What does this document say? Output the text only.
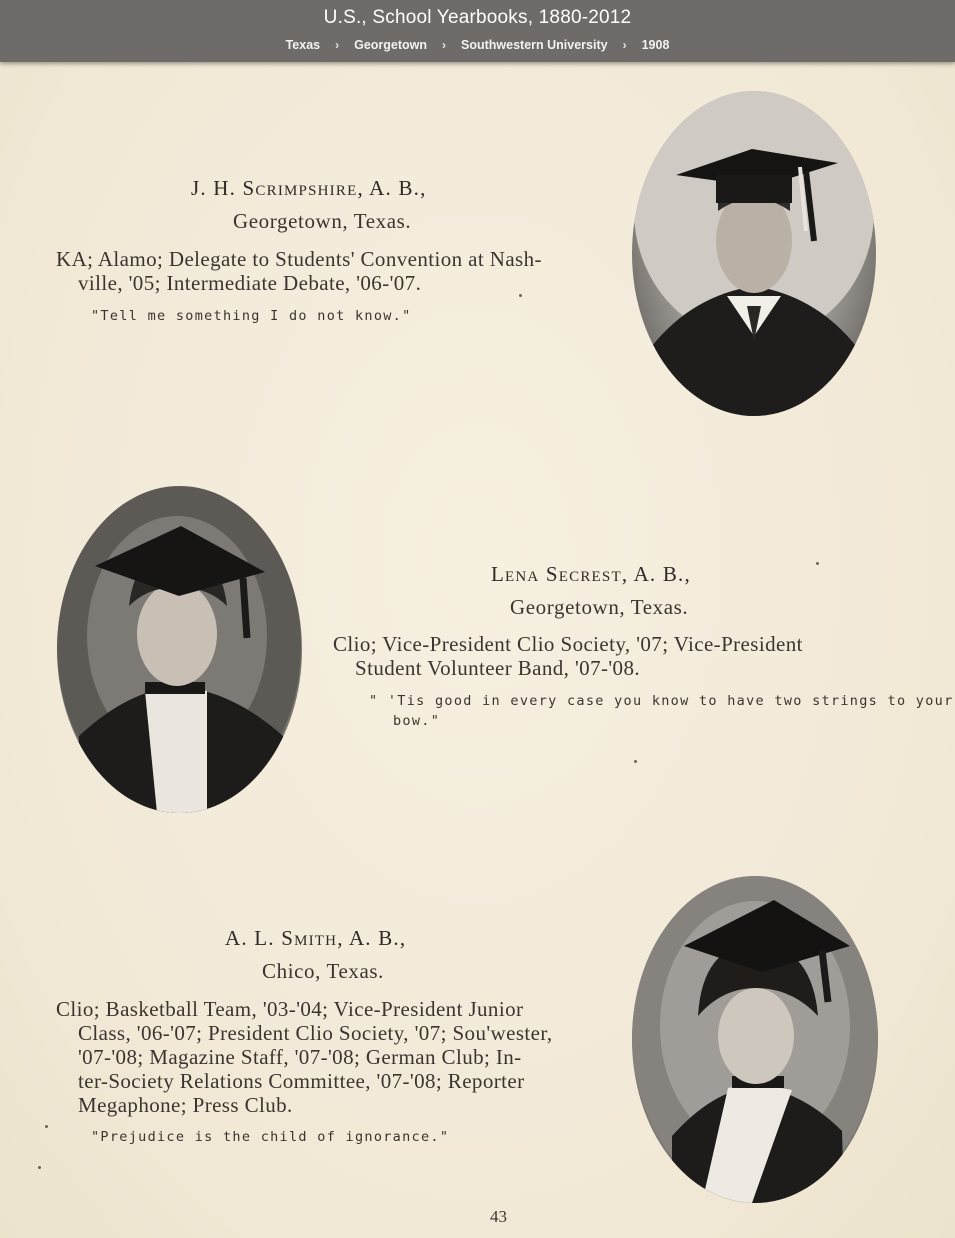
U.S., School Yearbooks, 1880-2012
Texas › Georgetown › Southwestern University › 1908
J. H. Scrimpshire, A. B.,
Georgetown, Texas.
KA; Alamo; Delegate to Students' Convention at Nash-
ville, '05; Intermediate Debate, '06-'07.
"Tell me something I do not know."
Lena Secrest, A. B.,
Georgetown, Texas.
Clio; Vice-President Clio Society, '07; Vice-President
Student Volunteer Band, '07-'08.
" 'Tis good in every case you know to have two strings to your
bow."
A. L. Smith, A. B.,
Chico, Texas.
Clio; Basketball Team, '03-'04; Vice-President Junior
Class, '06-'07; President Clio Society, '07; Sou'wester,
'07-'08; Magazine Staff, '07-'08; German Club; In-
ter-Society Relations Committee, '07-'08; Reporter
Megaphone; Press Club.
"Prejudice is the child of ignorance."
43
